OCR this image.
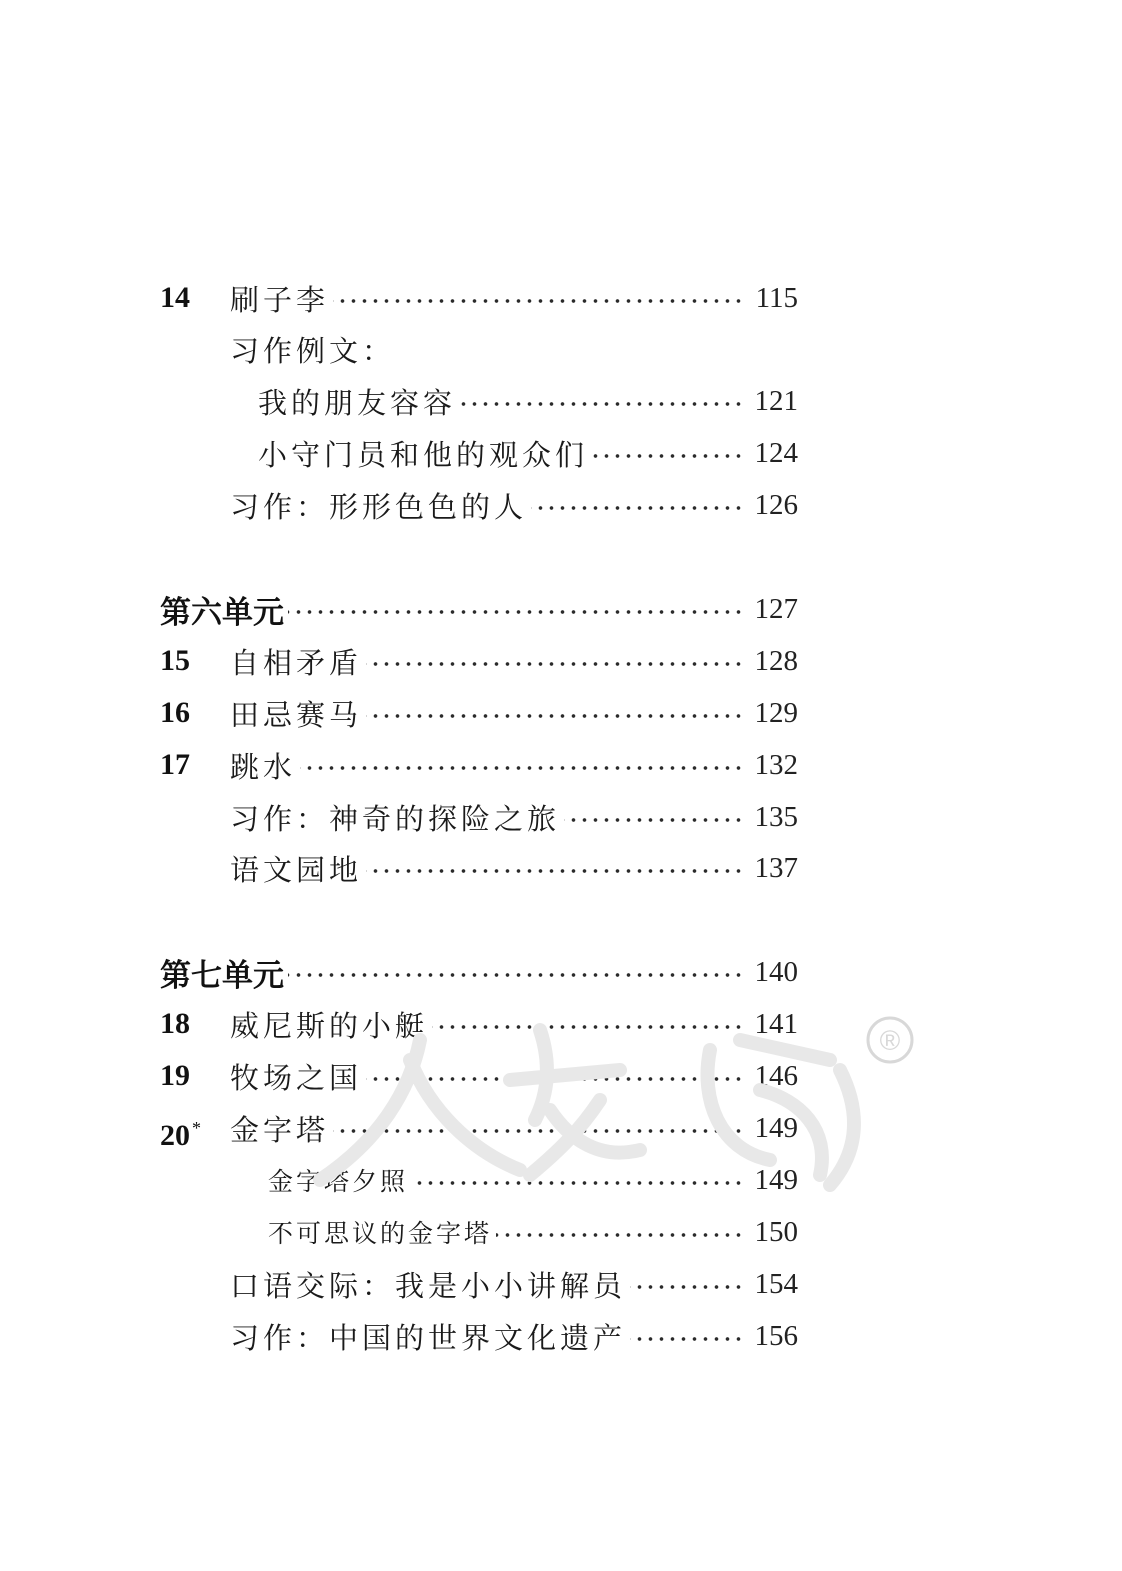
14 刷子李	115
习作例文：
我的朋友容容	121
小守门员和他的观众们	124
习作：形形色色的人	126
第六单元	127
15 自相矛盾	128
16 田忌赛马	129
17 跳水	132
习作：神奇的探险之旅	135
语文园地	137
第七单元	140
18 威尼斯的小艇	141
19 牧场之国	146
20 * 金字塔	149
金字塔夕照	149
不可思议的金字塔	150
口语交际：我是小小讲解员	154
习作：中国的世界文化遗产	156
®
